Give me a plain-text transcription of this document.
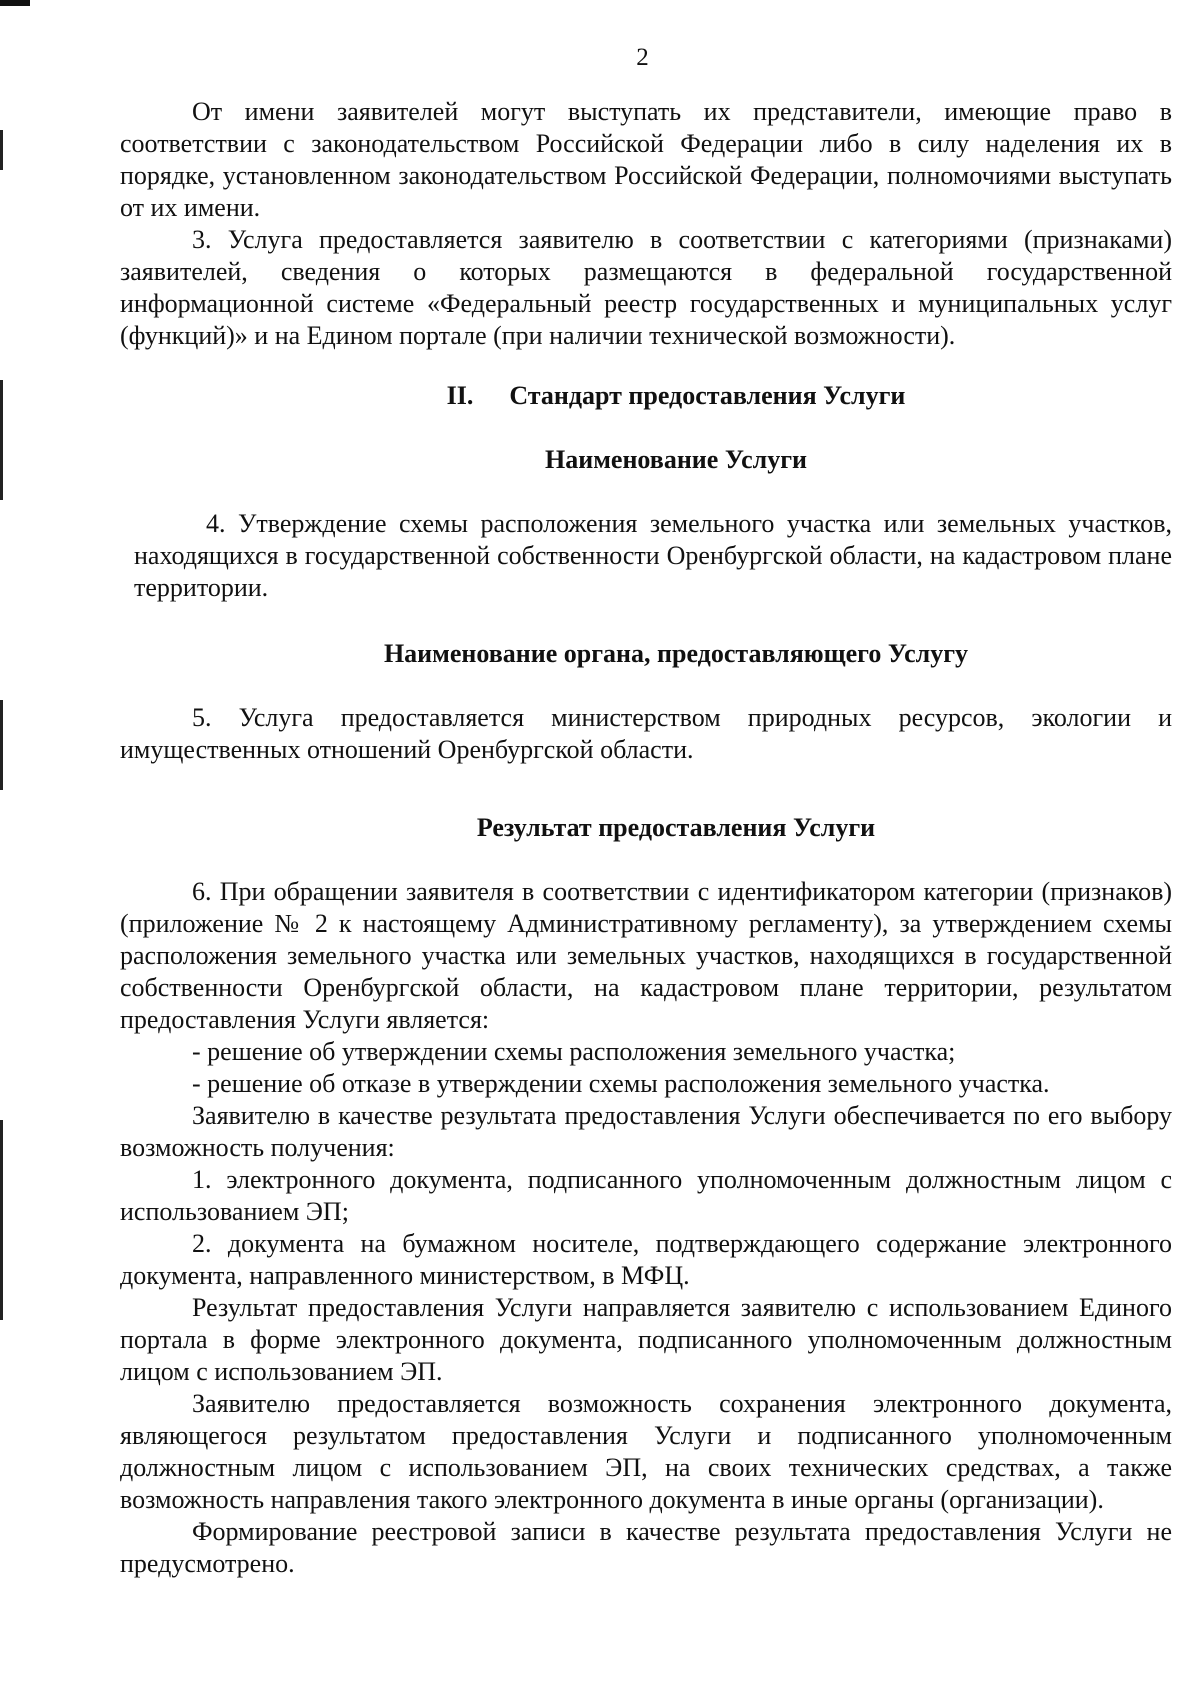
2

От имени заявителей могут выступать их представители, имеющие право в соответствии с законодательством Российской Федерации либо в силу наделения их в порядке, установленном законодательством Российской Федерации, полномочиями выступать от их имени.

3. Услуга предоставляется заявителю в соответствии с категориями (признаками) заявителей, сведения о которых размещаются в федеральной государственной информационной системе «Федеральный реестр государственных и муниципальных услуг (функций)» и на Едином портале (при наличии технической возможности).

II. Стандарт предоставления Услуги
Наименование Услуги

4. Утверждение схемы расположения земельного участка или земельных участков, находящихся в государственной собственности Оренбургской области, на кадастровом плане территории.

Наименование органа, предоставляющего Услугу

5. Услуга предоставляется министерством природных ресурсов, экологии и имущественных отношений Оренбургской области.

Результат предоставления Услуги

6. При обращении заявителя в соответствии с идентификатором категории (признаков) (приложение № 2 к настоящему Административному регламенту), за утверждением схемы расположения земельного участка или земельных участков, находящихся в государственной собственности Оренбургской области, на кадастровом плане территории, результатом предоставления Услуги является:

- решение об утверждении схемы расположения земельного участка;

- решение об отказе в утверждении схемы расположения земельного участка.

Заявителю в качестве результата предоставления Услуги обеспечивается по его выбору возможность получения:

1. электронного документа, подписанного уполномоченным должностным лицом с использованием ЭП;

2. документа на бумажном носителе, подтверждающего содержание электронного документа, направленного министерством, в МФЦ.

Результат предоставления Услуги направляется заявителю с использованием Единого портала в форме электронного документа, подписанного уполномоченным должностным лицом с использованием ЭП.

Заявителю предоставляется возможность сохранения электронного документа, являющегося результатом предоставления Услуги и подписанного уполномоченным должностным лицом с использованием ЭП, на своих технических средствах, а также возможность направления такого электронного документа в иные органы (организации).

Формирование реестровой записи в качестве результата предоставления Услуги не предусмотрено.
